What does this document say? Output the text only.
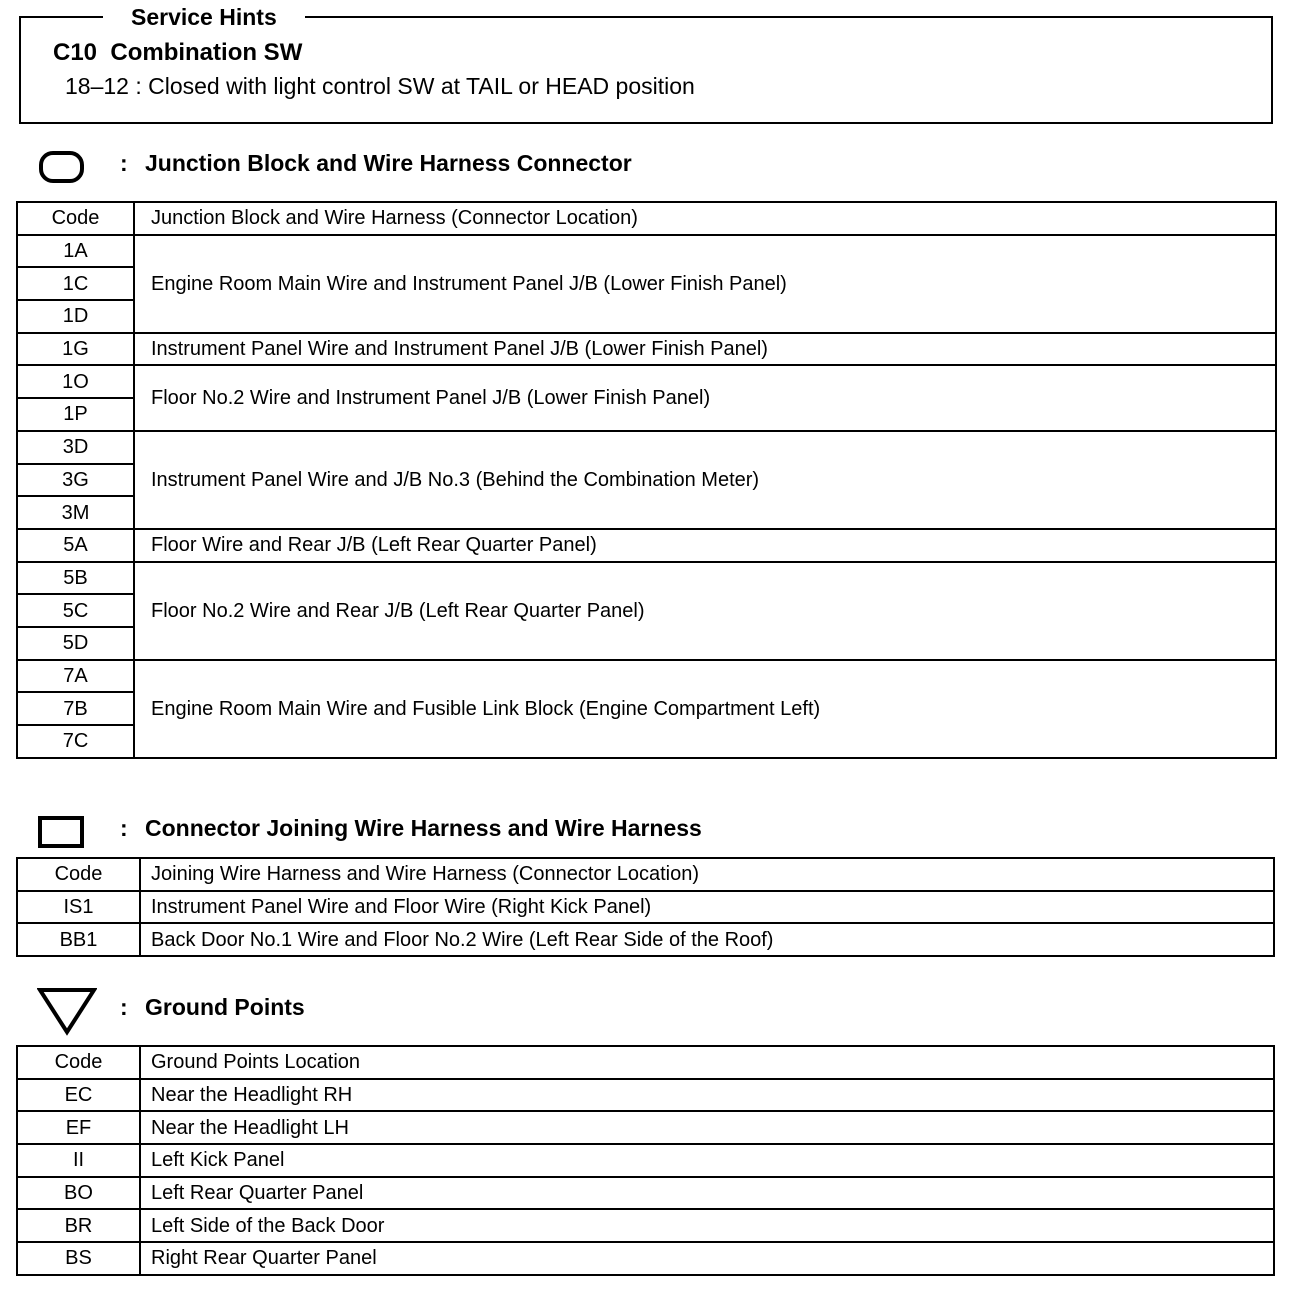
Service Hints
C10  Combination SW
18–12 : Closed with light control SW at TAIL or HEAD position
: Junction Block and Wire Harness Connector
Code	Junction Block and Wire Harness (Connector Location)
1A	Engine Room Main Wire and Instrument Panel J/B (Lower Finish Panel)
1C	
1D	
1G	Instrument Panel Wire and Instrument Panel J/B (Lower Finish Panel)
1O	Floor No.2 Wire and Instrument Panel J/B (Lower Finish Panel)
1P	
3D	Instrument Panel Wire and J/B No.3 (Behind the Combination Meter)
3G	
3M	
5A	Floor Wire and Rear J/B (Left Rear Quarter Panel)
5B	Floor No.2 Wire and Rear J/B (Left Rear Quarter Panel)
5C	
5D	
7A	Engine Room Main Wire and Fusible Link Block (Engine Compartment Left)
7B	
7C	
: Connector Joining Wire Harness and Wire Harness
Code	Joining Wire Harness and Wire Harness (Connector Location)
IS1	Instrument Panel Wire and Floor Wire (Right Kick Panel)
BB1	Back Door No.1 Wire and Floor No.2 Wire (Left Rear Side of the Roof)
: Ground Points
Code	Ground Points Location
EC	Near the Headlight RH
EF	Near the Headlight LH
II	Left Kick Panel
BO	Left Rear Quarter Panel
BR	Left Side of the Back Door
BS	Right Rear Quarter Panel
